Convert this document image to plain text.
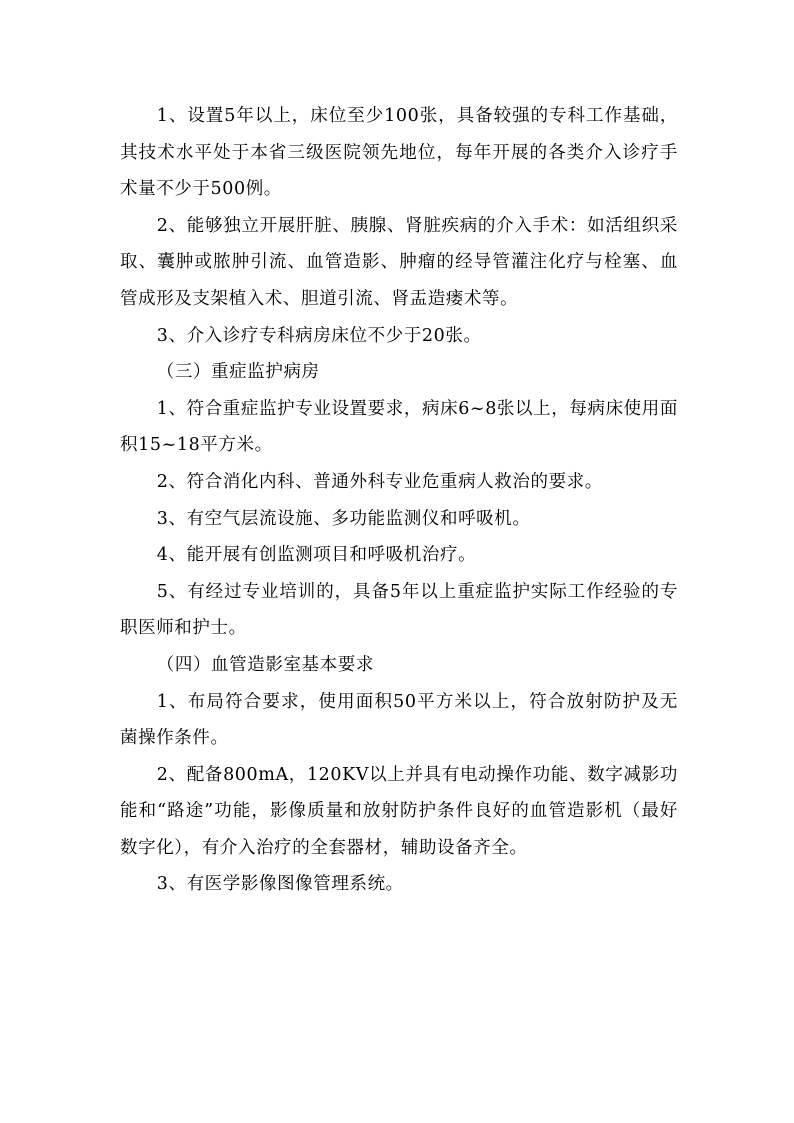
1、设置5年以上，床位至少100张，具备较强的专科工作基础，其技术水平处于本省三级医院领先地位，每年开展的各类介入诊疗手术量不少于500例。

2、能够独立开展肝脏、胰腺、肾脏疾病的介入手术：如活组织采取、囊肿或脓肿引流、血管造影、肿瘤的经导管灌注化疗与栓塞、血管成形及支架植入术、胆道引流、肾盂造瘘术等。

3、介入诊疗专科病房床位不少于20张。

（三）重症监护病房

1、符合重症监护专业设置要求，病床6~8张以上，每病床使用面积15~18平方米。

2、符合消化内科、普通外科专业危重病人救治的要求。

3、有空气层流设施、多功能监测仪和呼吸机。

4、能开展有创监测项目和呼吸机治疗。

5、有经过专业培训的，具备5年以上重症监护实际工作经验的专职医师和护士。

（四）血管造影室基本要求

1、布局符合要求，使用面积50平方米以上，符合放射防护及无菌操作条件。

2、配备800mA，120KV以上并具有电动操作功能、数字减影功能和“路途”功能，影像质量和放射防护条件良好的血管造影机（最好数字化），有介入治疗的全套器材，辅助设备齐全。

3、有医学影像图像管理系统。
